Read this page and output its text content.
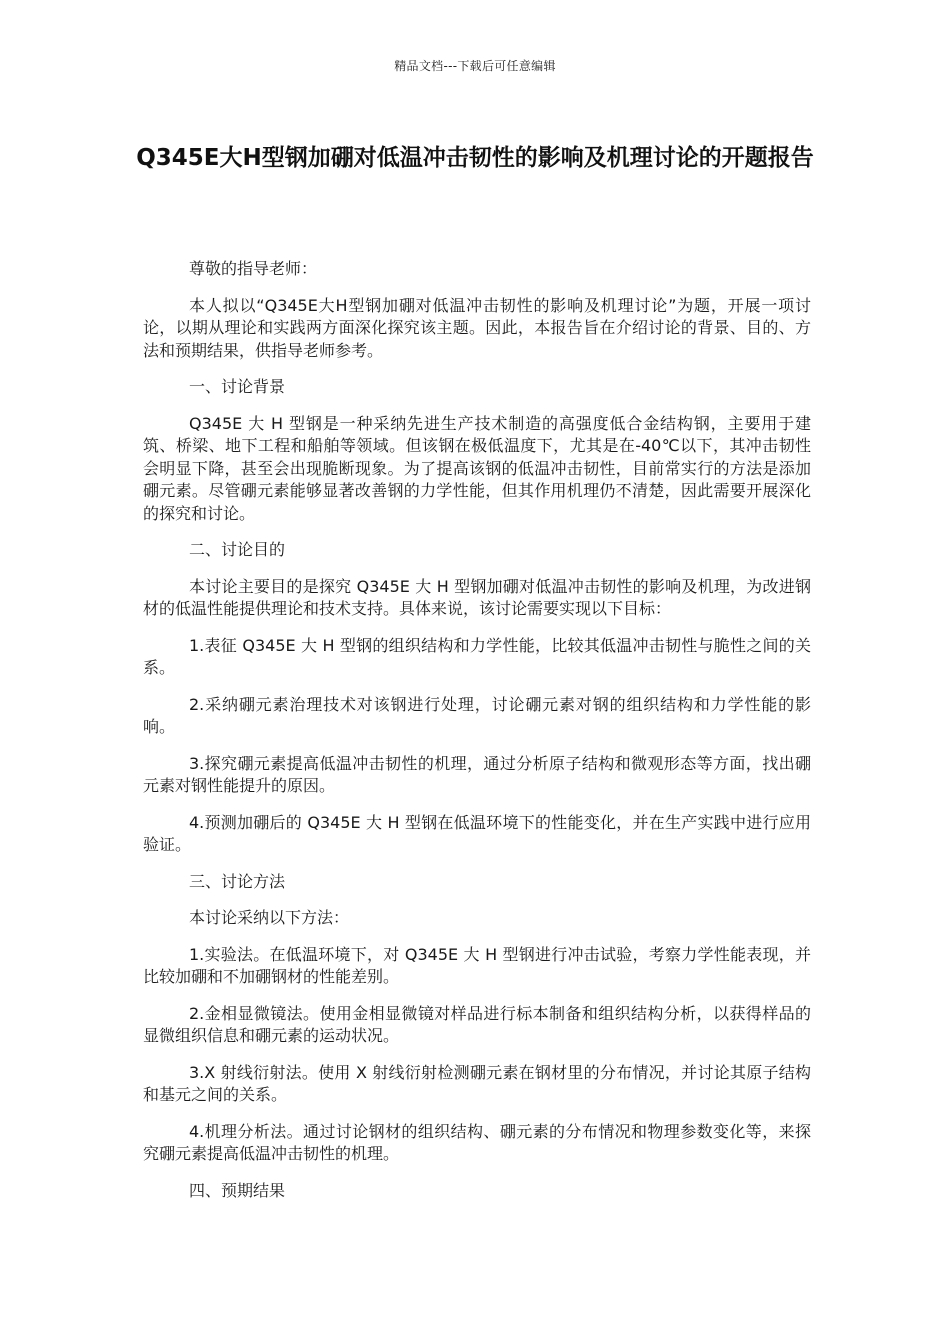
精品文档---下载后可任意编辑
Q345E大H型钢加硼对低温冲击韧性的影响及机理讨论的开题报告

尊敬的指导老师：

本人拟以“Q345E大H型钢加硼对低温冲击韧性的影响及机理讨论”为题，开展一项讨论，以期从理论和实践两方面深化探究该主题。因此，本报告旨在介绍讨论的背景、目的、方法和预期结果，供指导老师参考。

一、讨论背景

Q345E 大 H 型钢是一种采纳先进生产技术制造的高强度低合金结构钢，主要用于建筑、桥梁、地下工程和船舶等领域。但该钢在极低温度下，尤其是在-40℃以下，其冲击韧性会明显下降，甚至会出现脆断现象。为了提高该钢的低温冲击韧性，目前常实行的方法是添加硼元素。尽管硼元素能够显著改善钢的力学性能，但其作用机理仍不清楚，因此需要开展深化的探究和讨论。

二、讨论目的

本讨论主要目的是探究 Q345E 大 H 型钢加硼对低温冲击韧性的影响及机理，为改进钢材的低温性能提供理论和技术支持。具体来说，该讨论需要实现以下目标：

1.表征 Q345E 大 H 型钢的组织结构和力学性能，比较其低温冲击韧性与脆性之间的关系。

2.采纳硼元素治理技术对该钢进行处理，讨论硼元素对钢的组织结构和力学性能的影响。

3.探究硼元素提高低温冲击韧性的机理，通过分析原子结构和微观形态等方面，找出硼元素对钢性能提升的原因。

4.预测加硼后的 Q345E 大 H 型钢在低温环境下的性能变化，并在生产实践中进行应用验证。

三、讨论方法

本讨论采纳以下方法：

1.实验法。在低温环境下，对 Q345E 大 H 型钢进行冲击试验，考察力学性能表现，并比较加硼和不加硼钢材的性能差别。

2.金相显微镜法。使用金相显微镜对样品进行标本制备和组织结构分析，以获得样品的显微组织信息和硼元素的运动状况。

3.X 射线衍射法。使用 X 射线衍射检测硼元素在钢材里的分布情况，并讨论其原子结构和基元之间的关系。

4.机理分析法。通过讨论钢材的组织结构、硼元素的分布情况和物理参数变化等，来探究硼元素提高低温冲击韧性的机理。

四、预期结果
